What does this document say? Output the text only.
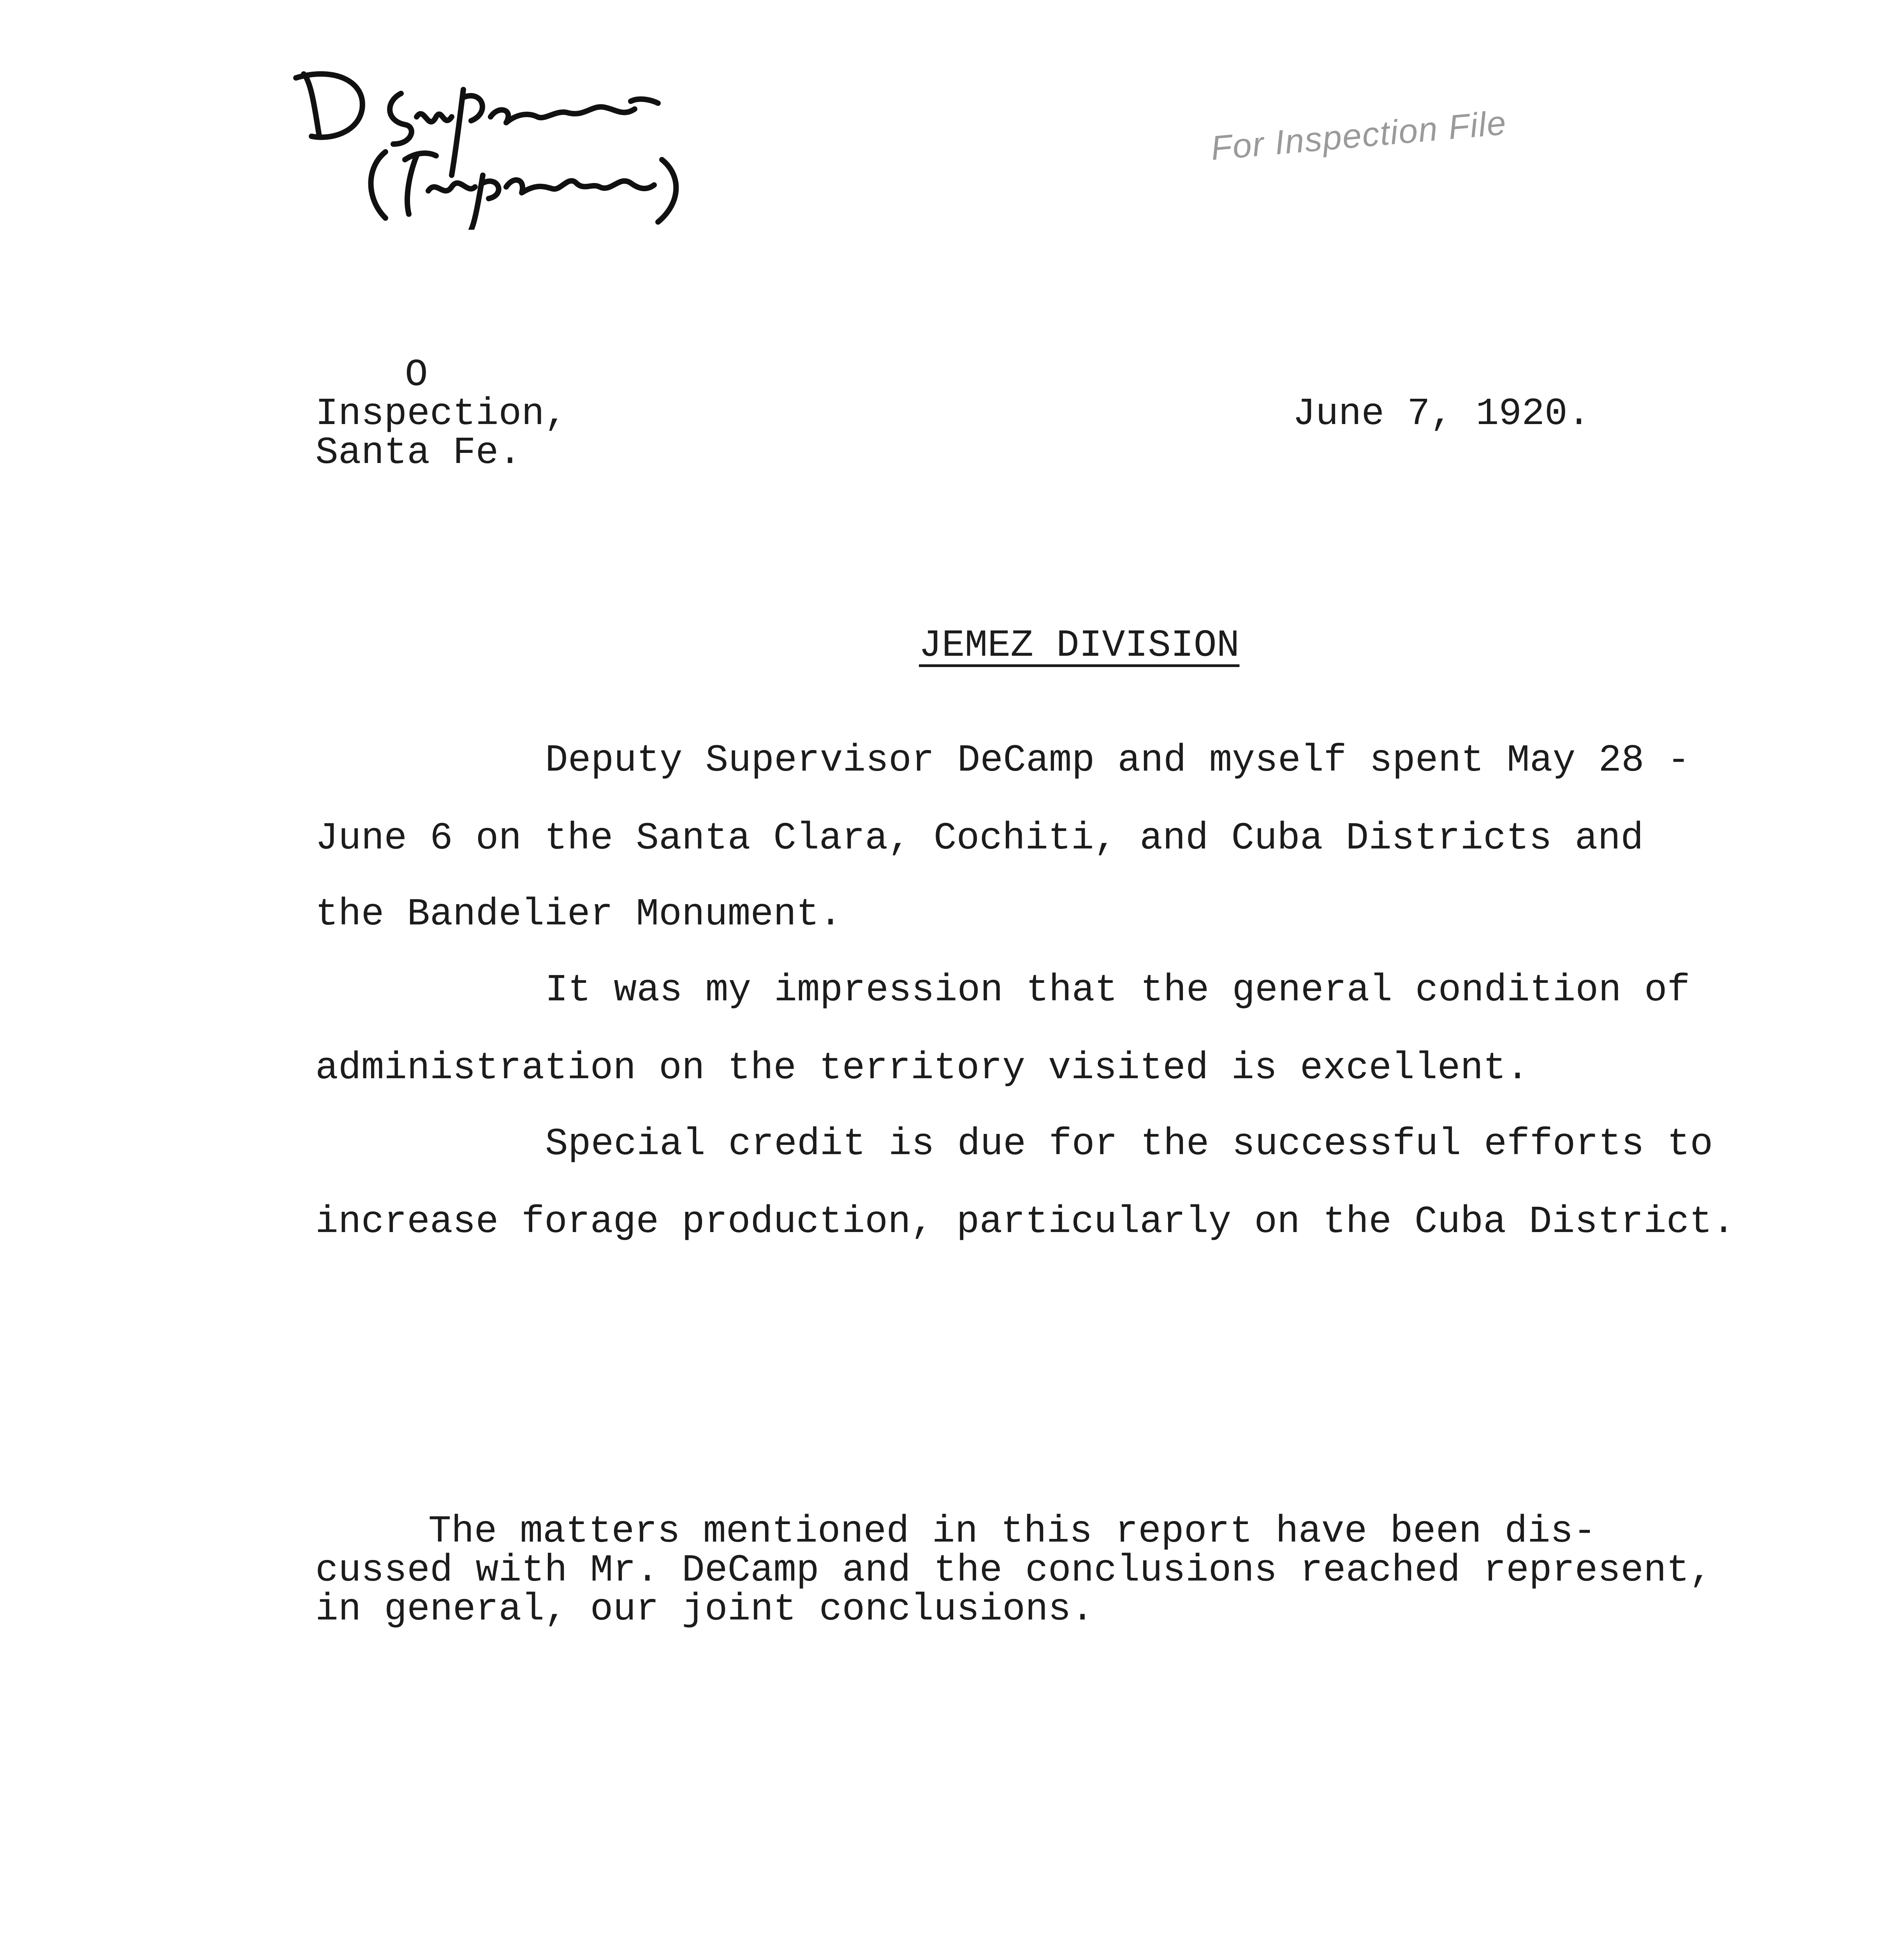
For Inspection File
O
Inspection,
Santa Fe.
June 7, 1920.
JEMEZ DIVISION
Deputy Supervisor DeCamp and myself spent May 28 -
June 6 on the Santa Clara, Cochiti, and Cuba Districts and
the Bandelier Monument.
It was my impression that the general condition of
administration on the territory visited is excellent.
Special credit is due for the successful efforts to
increase forage production, particularly on the Cuba District.
The matters mentioned in this report have been dis-
cussed with Mr. DeCamp and the conclusions reached represent,
in general, our joint conclusions.
